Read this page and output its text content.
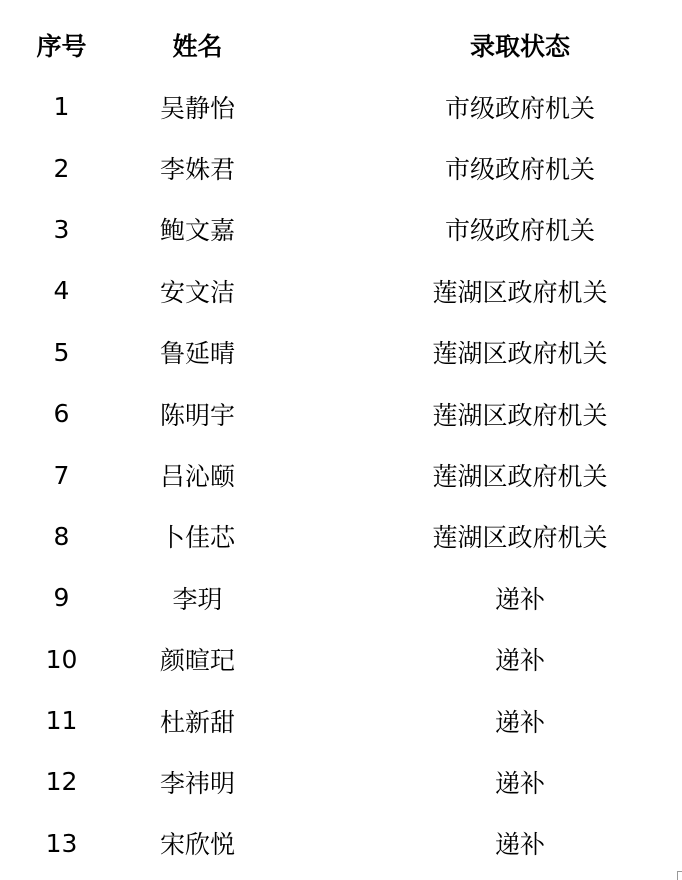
序号	姓名	录取状态
1	吴静怡	市级政府机关
2	李姝君	市级政府机关
3	鲍文嘉	市级政府机关
4	安文洁	莲湖区政府机关
5	鲁延晴	莲湖区政府机关
6	陈明宇	莲湖区政府机关
7	吕沁颐	莲湖区政府机关
8	卜佳芯	莲湖区政府机关
9	李玥	递补
10	颜暄玘	递补
11	杜新甜	递补
12	李祎明	递补
13	宋欣悦	递补
